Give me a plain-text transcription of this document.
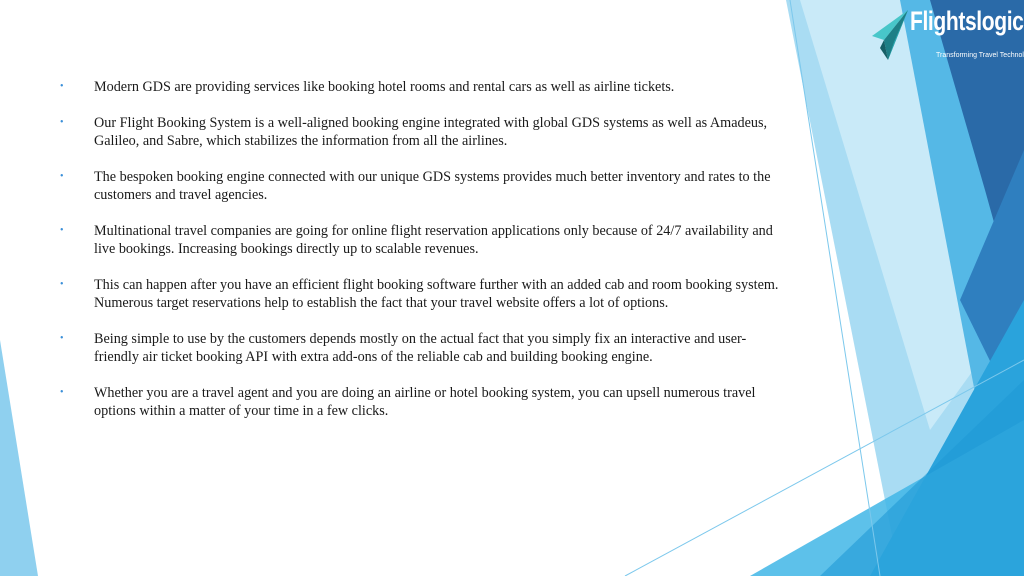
Flightslogic
Transforming Travel Technology
•	Modern GDS are providing services like booking hotel rooms and rental cars as well as airline tickets.
•	Our Flight Booking System is a well-aligned booking engine integrated with global GDS systems as well as Amadeus, Galileo, and Sabre, which stabilizes the information from all the airlines.
•	The bespoken booking engine connected with our unique GDS systems provides much better inventory and rates to the customers and travel agencies.
•	Multinational travel companies are going for online flight reservation applications only because of 24/7 availability and live bookings. Increasing bookings directly up to scalable revenues.
•	This can happen after you have an efficient flight booking software further with an added cab and room booking system. Numerous target reservations help to establish the fact that your travel website offers a lot of options.
•	Being simple to use by the customers depends mostly on the actual fact that you simply fix an interactive and user-friendly air ticket booking API with extra add-ons of the reliable cab and building booking engine.
•	Whether you are a travel agent and you are doing an airline or hotel booking system, you can upsell numerous travel options within a matter of your time in a few clicks.
